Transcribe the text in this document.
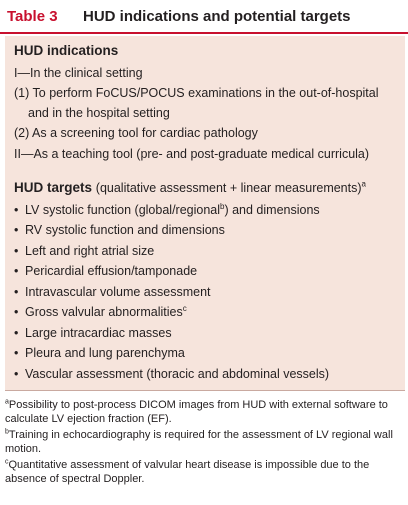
Table 3 HUD indications and potential targets
HUD indications
I—In the clinical setting
(1) To perform FoCUS/POCUS examinations in the out-of-hospital
and in the hospital setting
(2) As a screening tool for cardiac pathology
II—As a teaching tool (pre- and post-graduate medical curricula)
HUD targets (qualitative assessment + linear measurements)$^a$
• LV systolic function (global/regional$^b$) and dimensions
• RV systolic function and dimensions
• Left and right atrial size
• Pericardial effusion/tamponade
• Intravascular volume assessment
• Gross valvular abnormalities$^c$
• Large intracardiac masses
• Pleura and lung parenchyma
• Vascular assessment (thoracic and abdominal vessels)
$^a$Possibility to post-process DICOM images from HUD with external software to calculate LV ejection fraction (EF).
$^b$Training in echocardiography is required for the assessment of LV regional wall motion.
$^c$Quantitative assessment of valvular heart disease is impossible due to the absence of spectral Doppler.
